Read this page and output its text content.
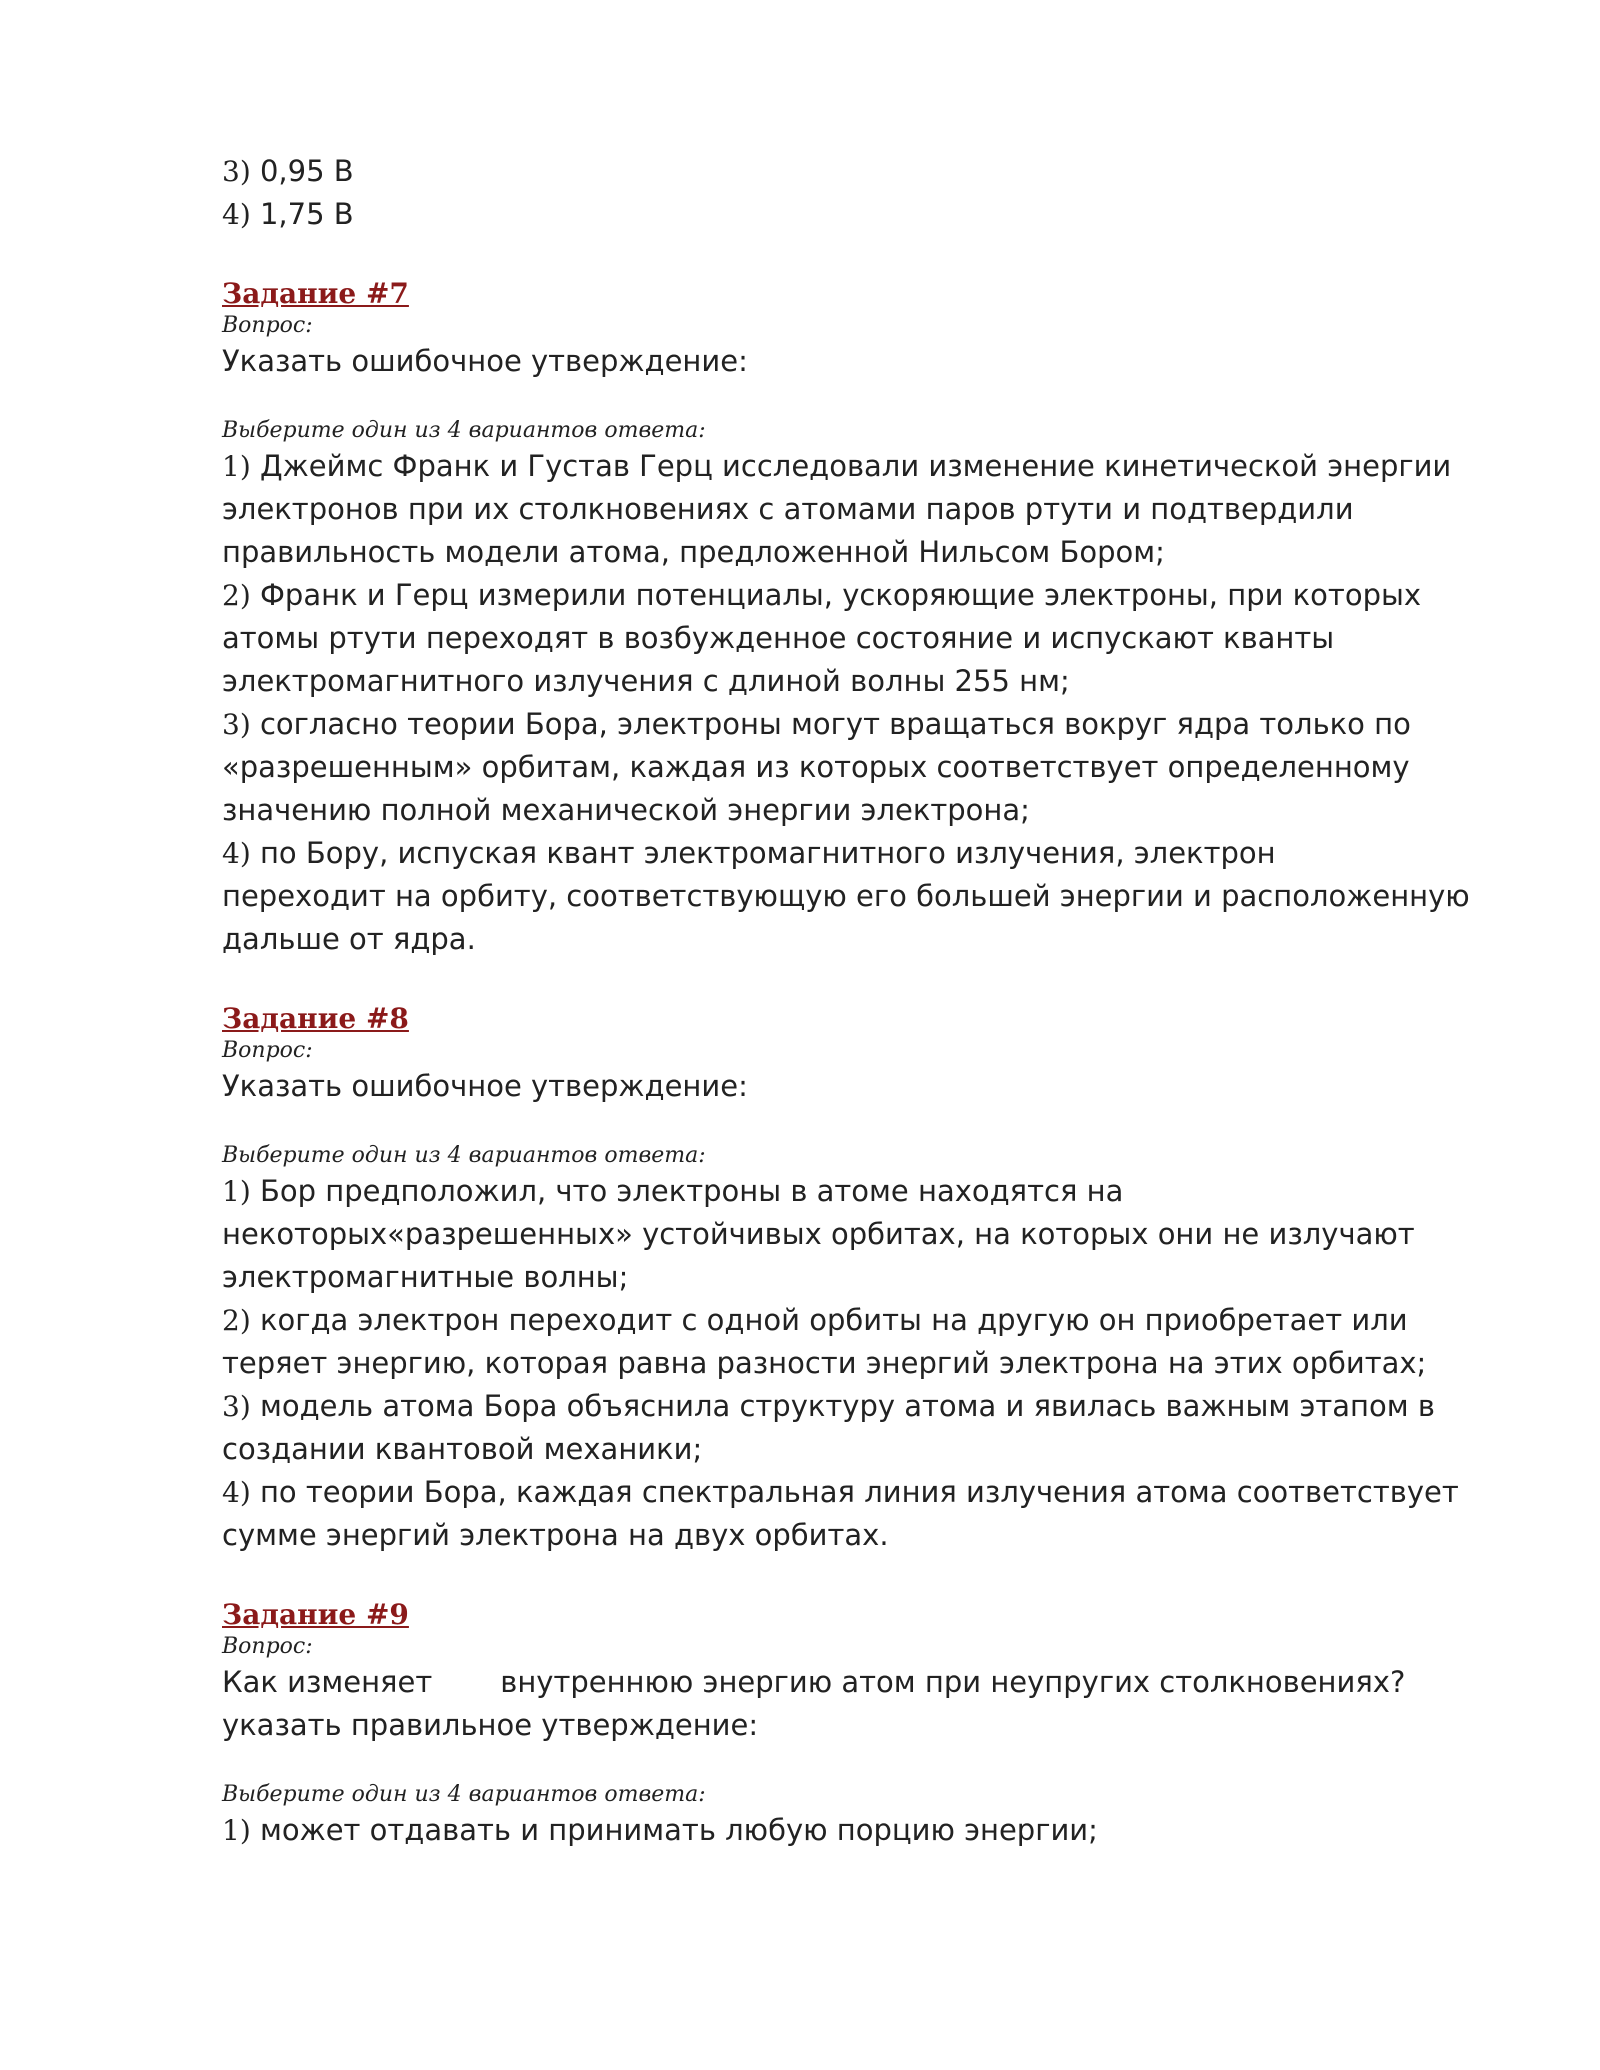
3) 0,95 В

4) 1,75 В

Задание #7

Вопрос:

Указать ошибочное утверждение:

Выберите один из 4 вариантов ответа:

1) Джеймс Франк и Густав Герц исследовали изменение кинетической энергии

электронов при их столкновениях с атомами паров ртути и подтвердили

правильность модели атома, предложенной Нильсом Бором;

2) Франк и Герц измерили потенциалы, ускоряющие электроны, при которых

атомы ртути переходят в возбужденное состояние и испускают кванты

электромагнитного излучения с длиной волны 255 нм;

3) согласно теории Бора, электроны могут вращаться вокруг ядра только по

«разрешенным» орбитам, каждая из которых соответствует определенному

значению полной механической энергии электрона;

4) по Бору, испуская квант электромагнитного излучения, электрон

переходит на орбиту, соответствующую его большей энергии и расположенную

дальше от ядра.

Задание #8

Вопрос:

Указать ошибочное утверждение:

Выберите один из 4 вариантов ответа:

1) Бор предположил, что электроны в атоме находятся на

некоторых«разрешенных» устойчивых орбитах, на которых они не излучают

электромагнитные волны;

2) когда электрон переходит с одной орбиты на другую он приобретает или

теряет энергию, которая равна разности энергий электрона на этих орбитах;

3) модель атома Бора объяснила структуру атома и явилась важным этапом в

создании квантовой механики;

4) по теории Бора, каждая спектральная линия излучения атома соответствует

сумме энергий электрона на двух орбитах.

Задание #9

Вопрос:

Как изменяет внутреннюю энергию атом при неупругих столкновениях?

указать правильное утверждение:

Выберите один из 4 вариантов ответа:

1) может отдавать и принимать любую порцию энергии;
